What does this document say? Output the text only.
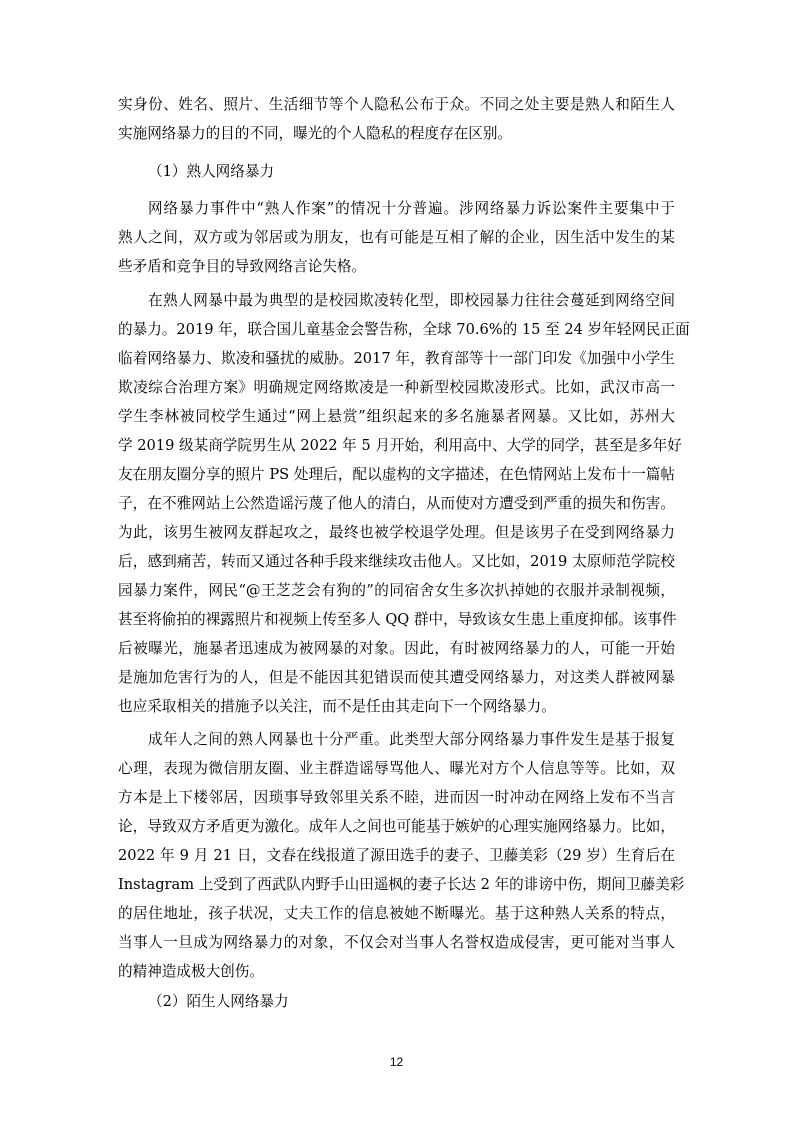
实身份、姓名、照片、生活细节等个人隐私公布于众。不同之处主要是熟人和陌生人
实施网络暴力的目的不同，曝光的个人隐私的程度存在区别。
（1）熟人网络暴力
网络暴力事件中“熟人作案”的情况十分普遍。涉网络暴力诉讼案件主要集中于
熟人之间，双方或为邻居或为朋友，也有可能是互相了解的企业，因生活中发生的某
些矛盾和竞争目的导致网络言论失格。
在熟人网暴中最为典型的是校园欺凌转化型，即校园暴力往往会蔓延到网络空间
的暴力。2019 年，联合国儿童基金会警告称，全球 70.6%的 15 至 24 岁年轻网民正面
临着网络暴力、欺凌和骚扰的威胁。2017 年，教育部等十一部门印发《加强中小学生
欺凌综合治理方案》明确规定网络欺凌是一种新型校园欺凌形式。比如，武汉市高一
学生李林被同校学生通过“网上悬赏”组织起来的多名施暴者网暴。又比如，苏州大
学 2019 级某商学院男生从 2022 年 5 月开始，利用高中、大学的同学，甚至是多年好
友在朋友圈分享的照片 PS 处理后，配以虚构的文字描述，在色情网站上发布十一篇帖
子，在不雅网站上公然造谣污蔑了他人的清白，从而使对方遭受到严重的损失和伤害。
为此，该男生被网友群起攻之，最终也被学校退学处理。但是该男子在受到网络暴力
后，感到痛苦，转而又通过各种手段来继续攻击他人。又比如，2019 太原师范学院校
园暴力案件，网民“@王芝芝会有狗的”的同宿舍女生多次扒掉她的衣服并录制视频，
甚至将偷拍的裸露照片和视频上传至多人 QQ 群中，导致该女生患上重度抑郁。该事件
后被曝光，施暴者迅速成为被网暴的对象。因此，有时被网络暴力的人，可能一开始
是施加危害行为的人，但是不能因其犯错误而使其遭受网络暴力，对这类人群被网暴
也应采取相关的措施予以关注，而不是任由其走向下一个网络暴力。
成年人之间的熟人网暴也十分严重。此类型大部分网络暴力事件发生是基于报复
心理，表现为微信朋友圈、业主群造谣辱骂他人、曝光对方个人信息等等。比如，双
方本是上下楼邻居，因琐事导致邻里关系不睦，进而因一时冲动在网络上发布不当言
论，导致双方矛盾更为激化。成年人之间也可能基于嫉妒的心理实施网络暴力。比如，
2022 年 9 月 21 日，文春在线报道了源田选手的妻子、卫藤美彩（29 岁）生育后在
Instagram 上受到了西武队内野手山田遥枫的妻子长达 2 年的诽谤中伤，期间卫藤美彩
的居住地址，孩子状况，丈夫工作的信息被她不断曝光。基于这种熟人关系的特点，
当事人一旦成为网络暴力的对象，不仅会对当事人名誉权造成侵害，更可能对当事人
的精神造成极大创伤。
（2）陌生人网络暴力
12
